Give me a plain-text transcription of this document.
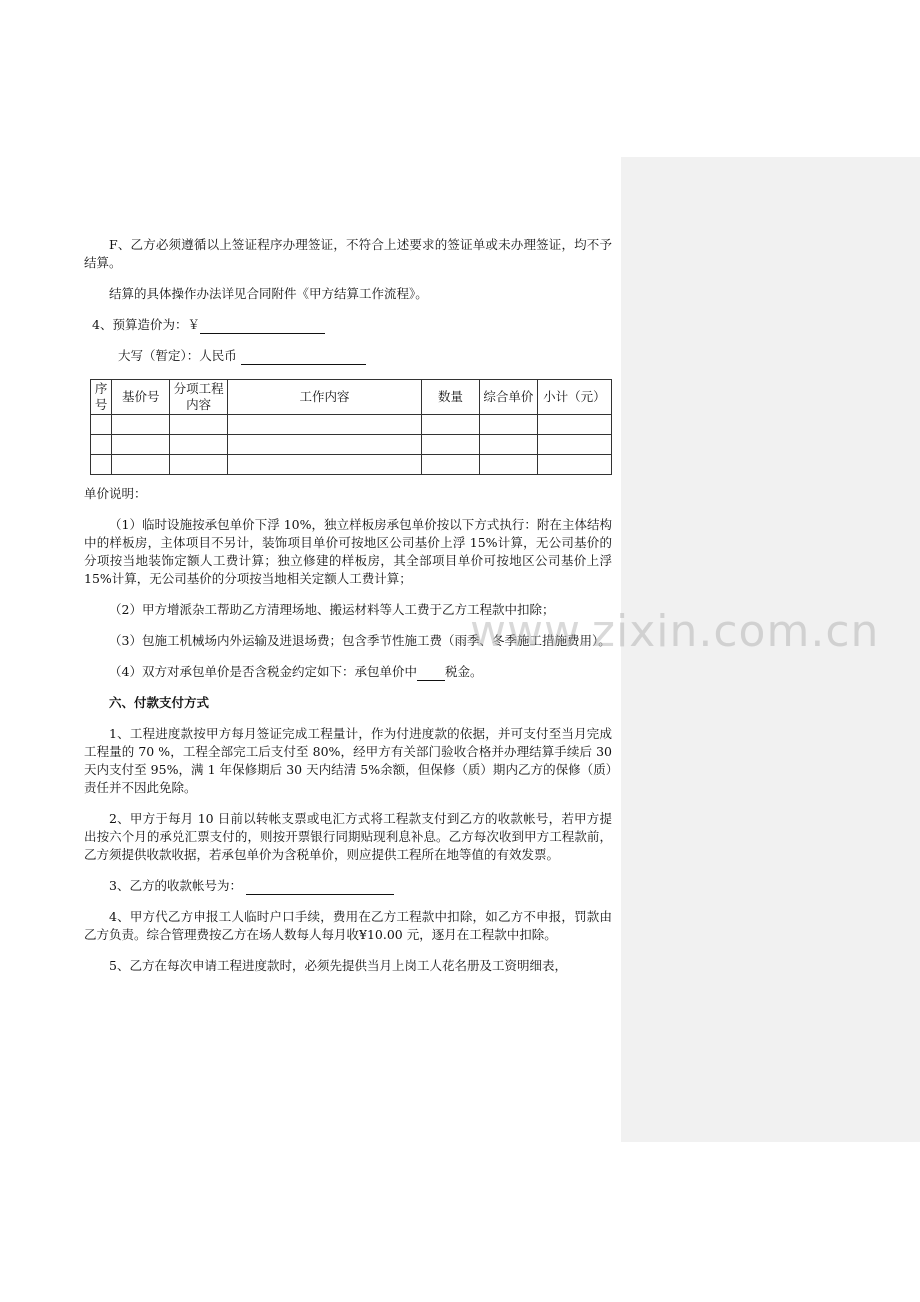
F、乙方必须遵循以上签证程序办理签证，不符合上述要求的签证单或未办理签证，均不予结算。

结算的具体操作办法详见合同附件《甲方结算工作流程》。

4、预算造价为：￥

大写（暂定）：人民币

序号	基价号	分项工程内容	工作内容	数量	综合单价	小计（元）

单价说明：

（1）临时设施按承包单价下浮 10%，独立样板房承包单价按以下方式执行：附在主体结构中的样板房，主体项目不另计，装饰项目单价可按地区公司基价上浮 15%计算，无公司基价的分项按当地装饰定额人工费计算；独立修建的样板房，其全部项目单价可按地区公司基价上浮 15%计算，无公司基价的分项按当地相关定额人工费计算；

（2）甲方增派杂工帮助乙方清理场地、搬运材料等人工费于乙方工程款中扣除；

（3）包施工机械场内外运输及进退场费；包含季节性施工费（雨季、冬季施工措施费用）。

（4）双方对承包单价是否含税金约定如下：承包单价中 税金。

六、付款支付方式

1、工程进度款按甲方每月签证完成工程量计，作为付进度款的依据，并可支付至当月完成工程量的 70 %，工程全部完工后支付至 80%，经甲方有关部门验收合格并办理结算手续后 30 天内支付至 95%，满 1 年保修期后 30 天内结清 5%余额，但保修（质）期内乙方的保修（质）责任并不因此免除。

2、甲方于每月 10 日前以转帐支票或电汇方式将工程款支付到乙方的收款帐号，若甲方提出按六个月的承兑汇票支付的，则按开票银行同期贴现利息补息。乙方每次收到甲方工程款前，乙方须提供收款收据，若承包单价为含税单价，则应提供工程所在地等值的有效发票。

3、乙方的收款帐号为：

4、甲方代乙方申报工人临时户口手续，费用在乙方工程款中扣除，如乙方不申报，罚款由乙方负责。综合管理费按乙方在场人数每人每月收¥10.00 元，逐月在工程款中扣除。

5、乙方在每次申请工程进度款时，必须先提供当月上岗工人花名册及工资明细表，

www.zixin.com.cn
